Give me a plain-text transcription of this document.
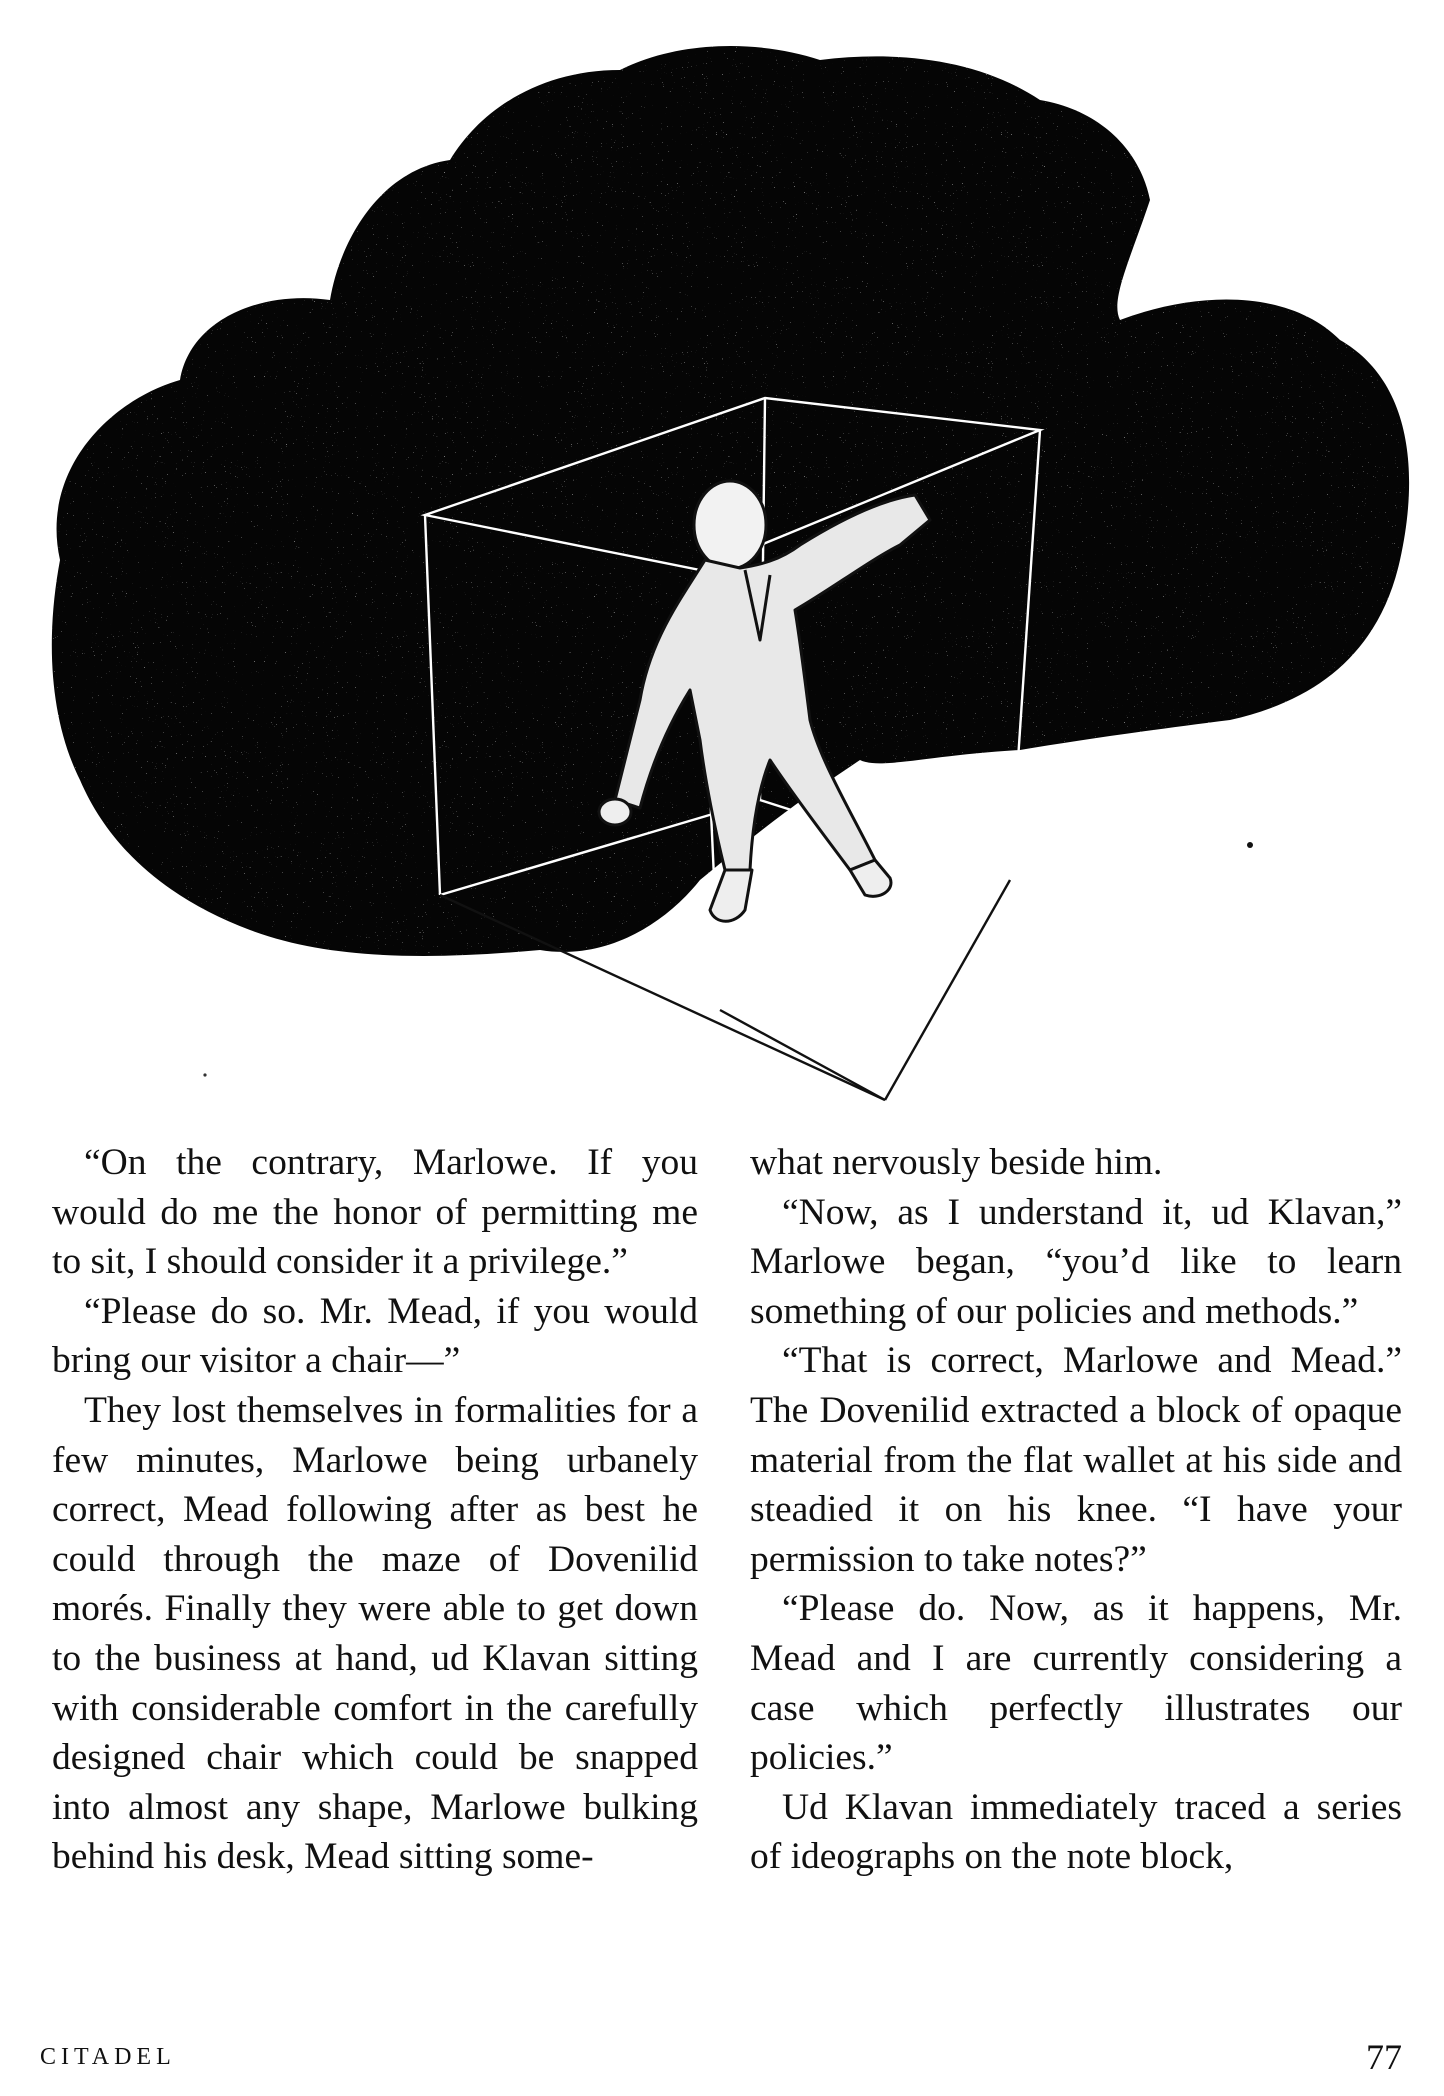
“On the contrary, Marlowe. If you would do me the honor of permitting me to sit, I should consider it a privilege.”

“Please do so. Mr. Mead, if you would bring our visitor a chair—”

They lost themselves in formalities for a few minutes, Marlowe being urbanely correct, Mead following after as best he could through the maze of Dovenilid morés. Finally they were able to get down to the business at hand, ud Klavan sitting with considerable comfort in the carefully designed chair which could be snapped into almost any shape, Marlowe bulking behind his desk, Mead sitting some-

what nervously beside him.

“Now, as I understand it, ud Klavan,” Marlowe began, “you’d like to learn something of our policies and methods.”

“That is correct, Marlowe and Mead.” The Dovenilid extracted a block of opaque material from the flat wallet at his side and steadied it on his knee. “I have your permission to take notes?”

“Please do. Now, as it happens, Mr. Mead and I are currently considering a case which perfectly illustrates our policies.”

Ud Klavan immediately traced a series of ideographs on the note block,

CITADEL	77
